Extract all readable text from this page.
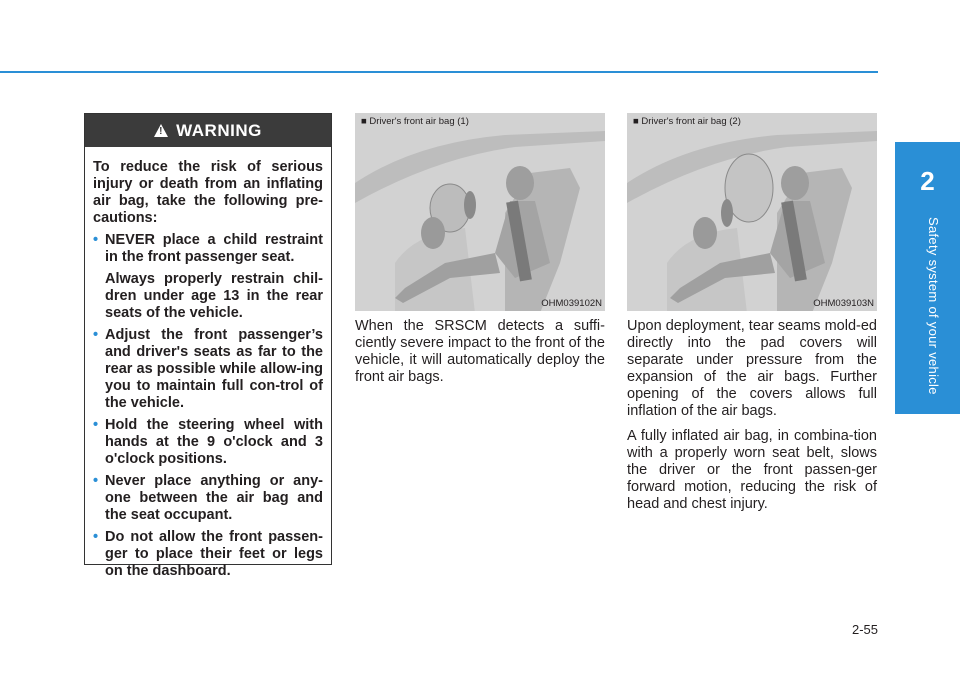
2
Safety system of your vehicle
! WARNING

To reduce the risk of serious injury or death from an inflating air bag, take the following pre-cautions:

• NEVER place a child restraint in the front passenger seat.

Always properly restrain chil-dren under age 13 in the rear seats of the vehicle.

• Adjust the front passenger’s and driver's seats as far to the rear as possible while allow-ing you to maintain full con-trol of the vehicle.
• Hold the steering wheel with hands at the 9 o'clock and 3 o'clock positions.
• Never place anything or any-one between the air bag and the seat occupant.
• Do not allow the front passen-ger to place their feet or legs on the dashboard.
■ Driver's front air bag (1)
OHM039102N
■ Driver's front air bag (2)
OHM039103N

When the SRSCM detects a suffi-ciently severe impact to the front of the vehicle, it will automatically deploy the front air bags.

Upon deployment, tear seams mold-ed directly into the pad covers will separate under pressure from the expansion of the air bags. Further opening of the covers allows full inflation of the air bags.

A fully inflated air bag, in combina-tion with a properly worn seat belt, slows the driver or the front passen-ger forward motion, reducing the risk of head and chest injury.

2-55
